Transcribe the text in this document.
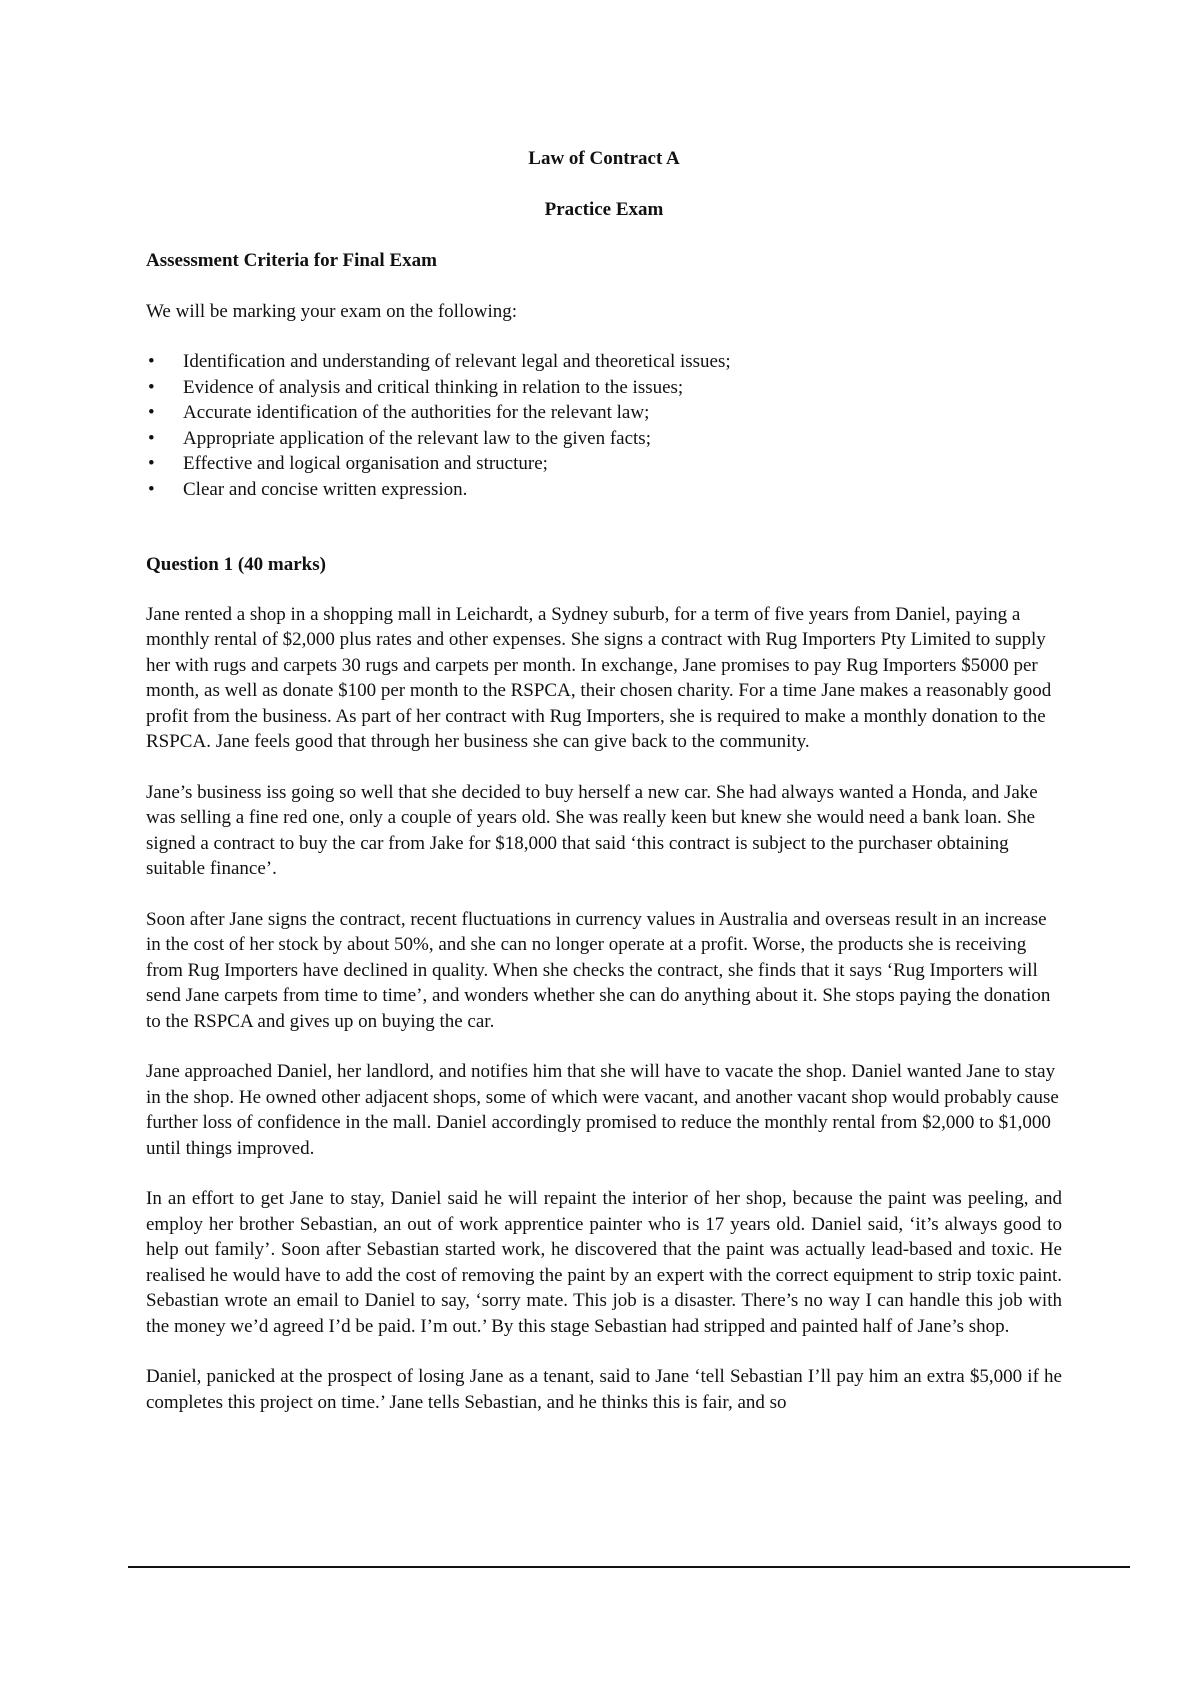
Law of Contract A

Practice Exam

Assessment Criteria for Final Exam

We will be marking your exam on the following:

• Identification and understanding of relevant legal and theoretical issues;
• Evidence of analysis and critical thinking in relation to the issues;
• Accurate identification of the authorities for the relevant law;
• Appropriate application of the relevant law to the given facts;
• Effective and logical organisation and structure;
• Clear and concise written expression.

Question 1 (40 marks)

Jane rented a shop in a shopping mall in Leichardt, a Sydney suburb, for a term of five years from Daniel, paying a monthly rental of $2,000 plus rates and other expenses. She signs a contract with Rug Importers Pty Limited to supply her with rugs and carpets 30 rugs and carpets per month. In exchange, Jane promises to pay Rug Importers $5000 per month, as well as donate $100 per month to the RSPCA, their chosen charity. For a time Jane makes a reasonably good profit from the business. As part of her contract with Rug Importers, she is required to make a monthly donation to the RSPCA. Jane feels good that through her business she can give back to the community.

Jane’s business iss going so well that she decided to buy herself a new car. She had always wanted a Honda, and Jake was selling a fine red one, only a couple of years old. She was really keen but knew she would need a bank loan. She signed a contract to buy the car from Jake for $18,000 that said ‘this contract is subject to the purchaser obtaining suitable finance’.

Soon after Jane signs the contract, recent fluctuations in currency values in Australia and overseas result in an increase in the cost of her stock by about 50%, and she can no longer operate at a profit. Worse, the products she is receiving from Rug Importers have declined in quality. When she checks the contract, she finds that it says ‘Rug Importers will send Jane carpets from time to time’, and wonders whether she can do anything about it. She stops paying the donation to the RSPCA and gives up on buying the car.

Jane approached Daniel, her landlord, and notifies him that she will have to vacate the shop. Daniel wanted Jane to stay in the shop. He owned other adjacent shops, some of which were vacant, and another vacant shop would probably cause further loss of confidence in the mall. Daniel accordingly promised to reduce the monthly rental from $2,000 to $1,000 until things improved.

In an effort to get Jane to stay, Daniel said he will repaint the interior of her shop, because the paint was peeling, and employ her brother Sebastian, an out of work apprentice painter who is 17 years old. Daniel said, ‘it’s always good to help out family’. Soon after Sebastian started work, he discovered that the paint was actually lead-based and toxic. He realised he would have to add the cost of removing the paint by an expert with the correct equipment to strip toxic paint. Sebastian wrote an email to Daniel to say, ‘sorry mate. This job is a disaster. There’s no way I can handle this job with the money we’d agreed I’d be paid. I’m out.’ By this stage Sebastian had stripped and painted half of Jane’s shop.

Daniel, panicked at the prospect of losing Jane as a tenant, said to Jane ‘tell Sebastian I’ll pay him an extra $5,000 if he completes this project on time.’ Jane tells Sebastian, and he thinks this is fair, and so
